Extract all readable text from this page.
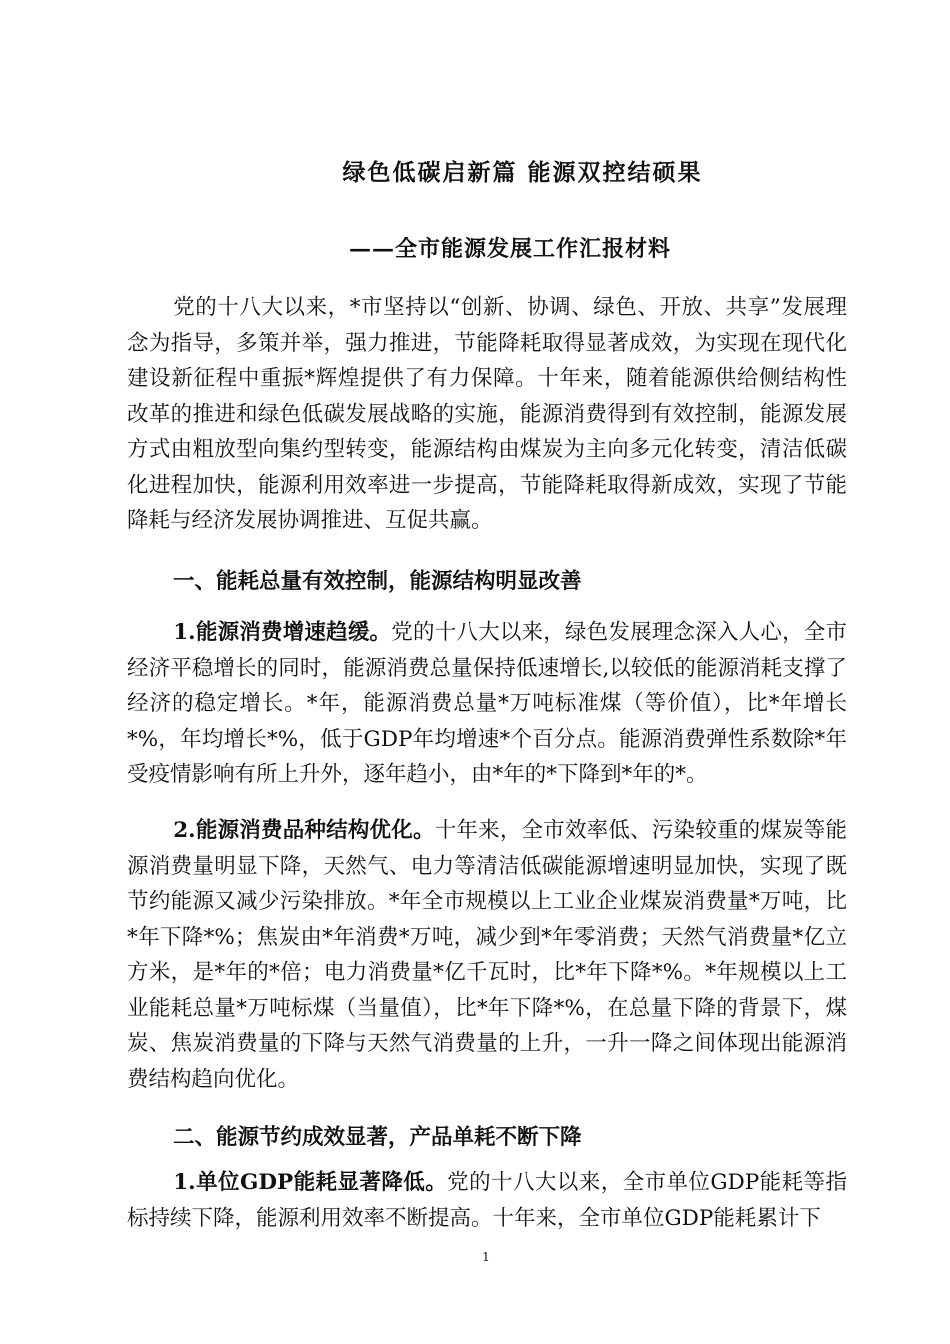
绿色低碳启新篇 能源双控结硕果
——全市能源发展工作汇报材料
党的十八大以来，*市坚持以“创新、协调、绿色、开放、共享”发展理念为指导，多策并举，强力推进，节能降耗取得显著成效，为实现在现代化建设新征程中重振*辉煌提供了有力保障。十年来，随着能源供给侧结构性改革的推进和绿色低碳发展战略的实施，能源消费得到有效控制，能源发展方式由粗放型向集约型转变，能源结构由煤炭为主向多元化转变，清洁低碳化进程加快，能源利用效率进一步提高，节能降耗取得新成效，实现了节能降耗与经济发展协调推进、互促共赢。
一、能耗总量有效控制，能源结构明显改善
1.能源消费增速趋缓。党的十八大以来，绿色发展理念深入人心，全市经济平稳增长的同时，能源消费总量保持低速增长,以较低的能源消耗支撑了经济的稳定增长。*年，能源消费总量*万吨标准煤（等价值），比*年增长*%，年均增长*%，低于GDP年均增速*个百分点。能源消费弹性系数除*年受疫情影响有所上升外，逐年趋小，由*年的*下降到*年的*。
2.能源消费品种结构优化。十年来，全市效率低、污染较重的煤炭等能源消费量明显下降，天然气、电力等清洁低碳能源增速明显加快，实现了既节约能源又减少污染排放。*年全市规模以上工业企业煤炭消费量*万吨，比*年下降*%；焦炭由*年消费*万吨，减少到*年零消费；天然气消费量*亿立方米，是*年的*倍；电力消费量*亿千瓦时，比*年下降*%。*年规模以上工业能耗总量*万吨标煤（当量值），比*年下降*%，在总量下降的背景下，煤炭、焦炭消费量的下降与天然气消费量的上升，一升一降之间体现出能源消费结构趋向优化。
二、能源节约成效显著，产品单耗不断下降
1.单位GDP能耗显著降低。党的十八大以来，全市单位GDP能耗等指标持续下降，能源利用效率不断提高。十年来，全市单位GDP能耗累计下
1
